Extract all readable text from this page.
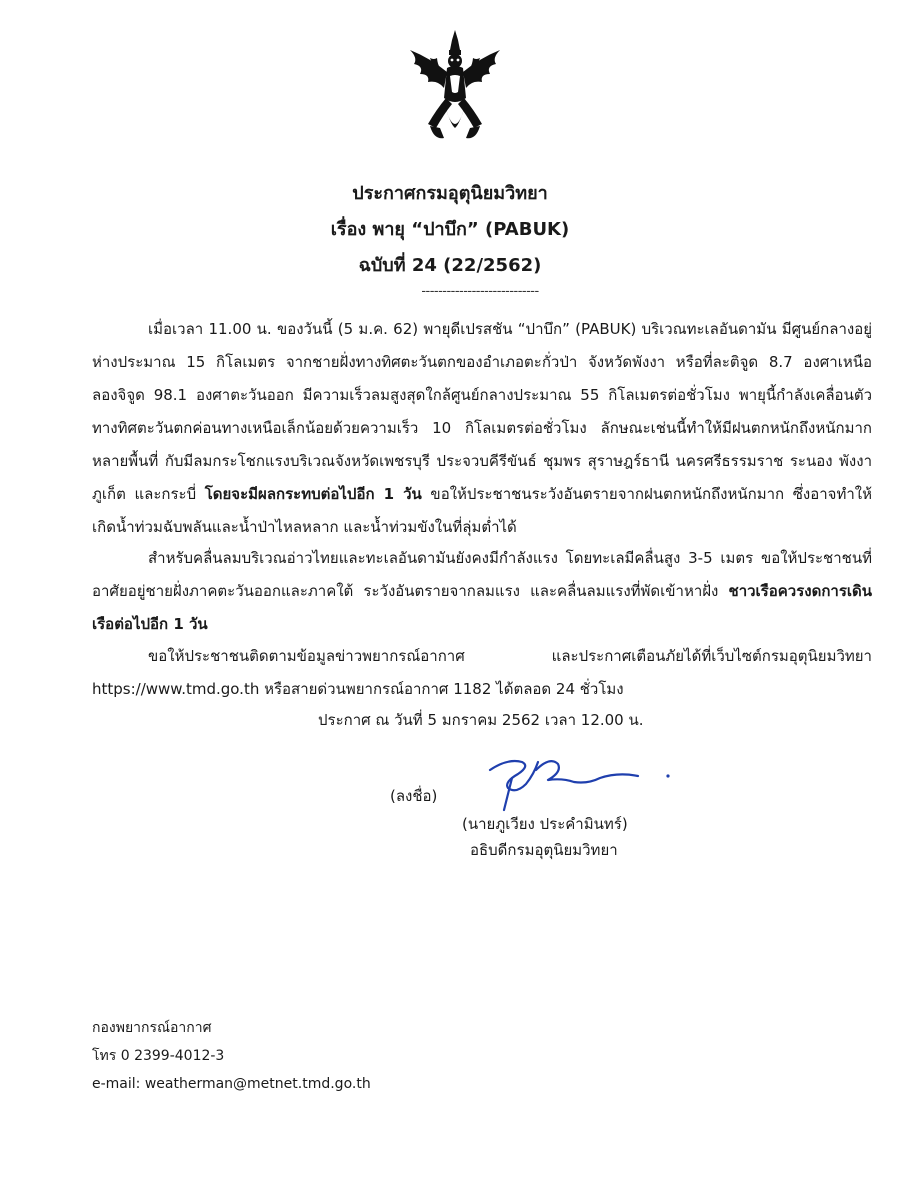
ประกาศกรมอุตุนิยมวิทยา
เรื่อง พายุ “ปาบึก” (PABUK)
ฉบับที่ 24 (22/2562)
----------------------------
เมื่อเวลา 11.00 น. ของวันนี้ (5 ม.ค. 62) พายุดีเปรสชัน “ปาบึก” (PABUK) บริเวณทะเลอันดามัน มีศูนย์กลางอยู่ห่างประมาณ 15 กิโลเมตร จากชายฝั่งทางทิศตะวันตกของอำเภอตะกั่วป่า จังหวัดพังงา หรือที่ละติจูด 8.7 องศาเหนือ ลองจิจูด 98.1 องศาตะวันออก มีความเร็วลมสูงสุดใกล้ศูนย์กลางประมาณ 55 กิโลเมตรต่อชั่วโมง พายุนี้กำลังเคลื่อนตัวทางทิศตะวันตกค่อนทางเหนือเล็กน้อยด้วยความเร็ว 10 กิโลเมตรต่อชั่วโมง ลักษณะเช่นนี้ทำให้มีฝนตกหนักถึงหนักมากหลายพื้นที่ กับมีลมกระโชกแรงบริเวณจังหวัดเพชรบุรี ประจวบคีรีขันธ์ ชุมพร สุราษฎร์ธานี นครศรีธรรมราช ระนอง พังงา ภูเก็ต และกระบี่ โดยจะมีผลกระทบต่อไปอีก 1 วัน ขอให้ประชาชนระวังอันตรายจากฝนตกหนักถึงหนักมาก ซึ่งอาจทำให้เกิดน้ำท่วมฉับพลันและน้ำป่าไหลหลาก และน้ำท่วมขังในที่ลุ่มต่ำได้
สำหรับคลื่นลมบริเวณอ่าวไทยและทะเลอันดามันยังคงมีกำลังแรง โดยทะเลมีคลื่นสูง 3-5 เมตร ขอให้ประชาชนที่อาศัยอยู่ชายฝั่งภาคตะวันออกและภาคใต้ ระวังอันตรายจากลมแรง และคลื่นลมแรงที่พัดเข้าหาฝั่ง ชาวเรือควรงดการเดินเรือต่อไปอีก 1 วัน
ขอให้ประชาชนติดตามข้อมูลข่าวพยากรณ์อากาศ และประกาศเตือนภัยได้ที่เว็บไซต์กรมอุตุนิยมวิทยา https://www.tmd.go.th หรือสายด่วนพยากรณ์อากาศ 1182 ได้ตลอด 24 ชั่วโมง
ประกาศ ณ วันที่ 5 มกราคม 2562 เวลา 12.00 น.
(ลงชื่อ)
(นายภูเวียง ประคำมินทร์)
อธิบดีกรมอุตุนิยมวิทยา
กองพยากรณ์อากาศ
โทร 0 2399-4012-3
e-mail: weatherman@metnet.tmd.go.th
